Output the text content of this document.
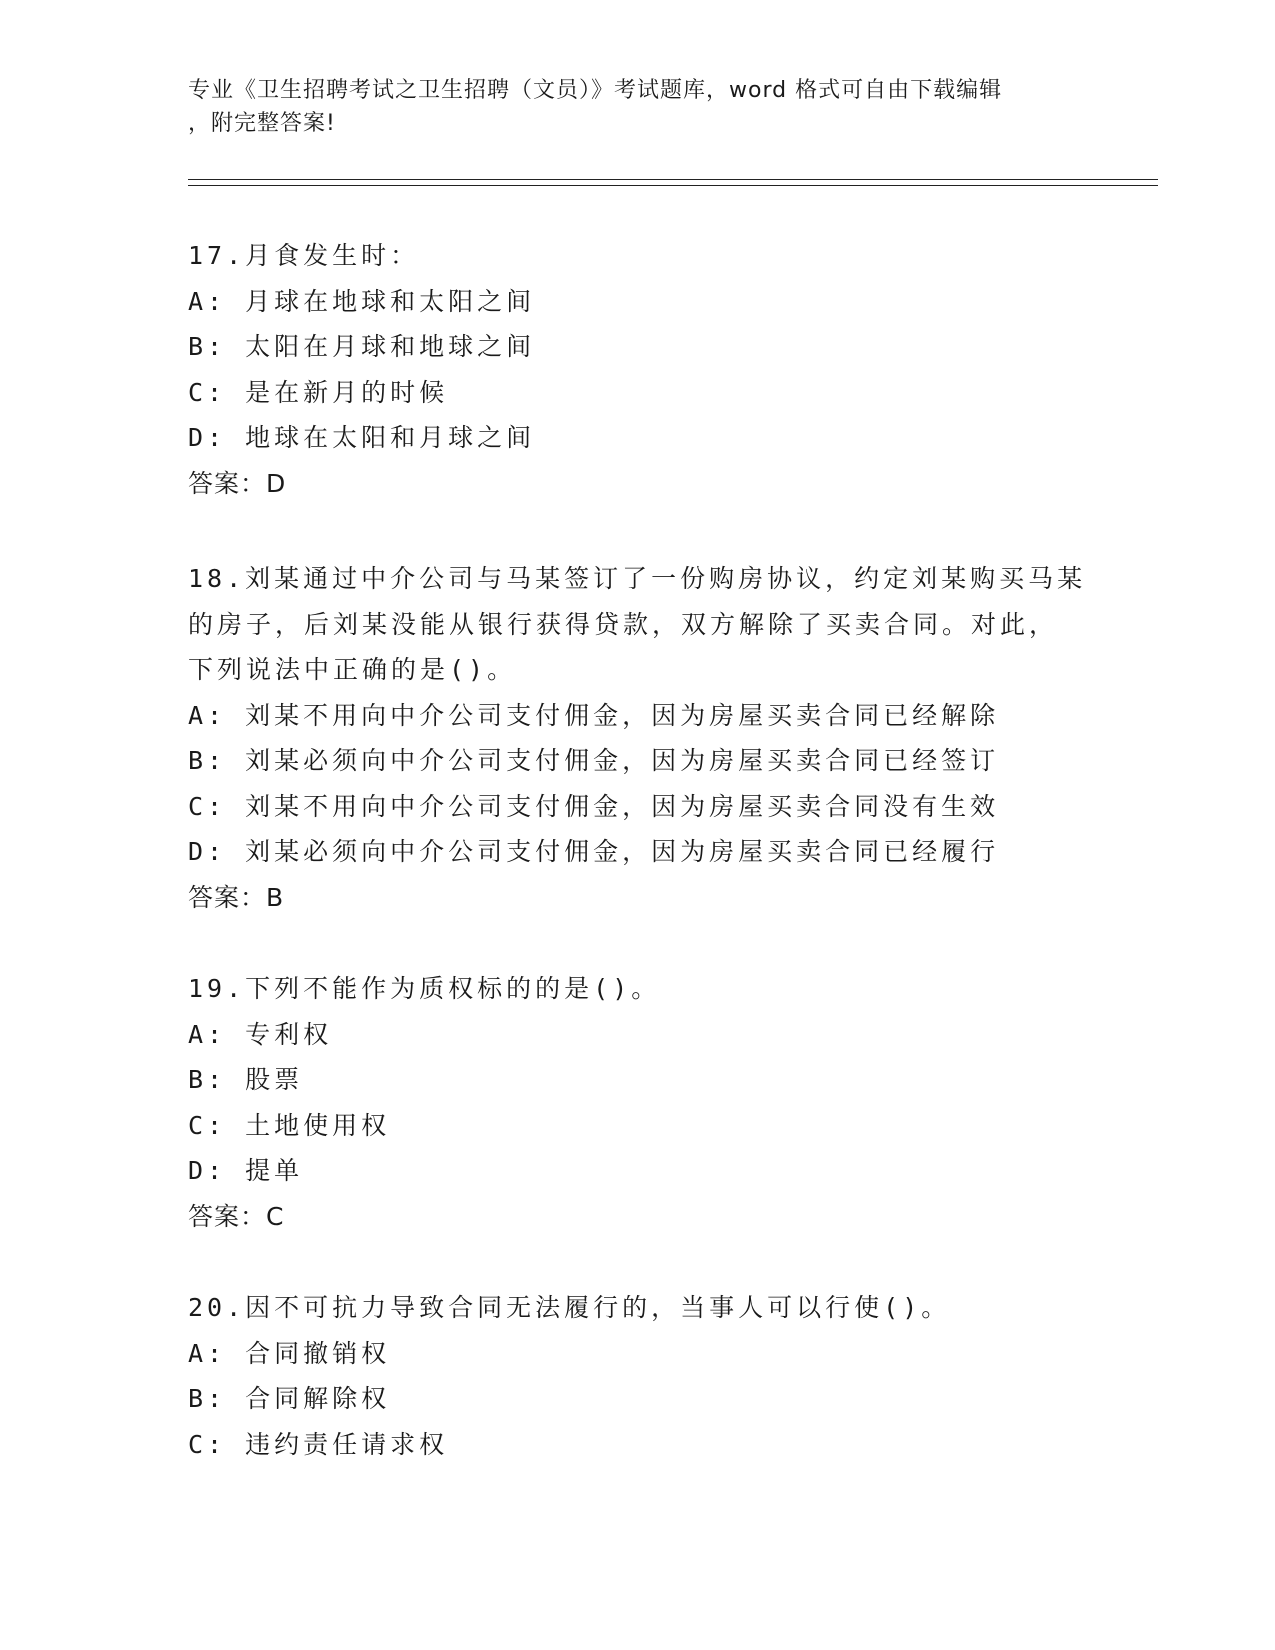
专业《卫生招聘考试之卫生招聘（文员）》考试题库，word 格式可自由下载编辑
，附完整答案!
17.月食发生时：
A: 月球在地球和太阳之间
B: 太阳在月球和地球之间
C: 是在新月的时候
D: 地球在太阳和月球之间
答案：D
18.刘某通过中介公司与马某签订了一份购房协议，约定刘某购买马某
的房子，后刘某没能从银行获得贷款，双方解除了买卖合同。对此，
下列说法中正确的是()。
A: 刘某不用向中介公司支付佣金，因为房屋买卖合同已经解除
B: 刘某必须向中介公司支付佣金，因为房屋买卖合同已经签订
C: 刘某不用向中介公司支付佣金，因为房屋买卖合同没有生效
D: 刘某必须向中介公司支付佣金，因为房屋买卖合同已经履行
答案：B
19.下列不能作为质权标的的是()。
A: 专利权
B: 股票
C: 土地使用权
D: 提单
答案：C
20.因不可抗力导致合同无法履行的，当事人可以行使()。
A: 合同撤销权
B: 合同解除权
C: 违约责任请求权
